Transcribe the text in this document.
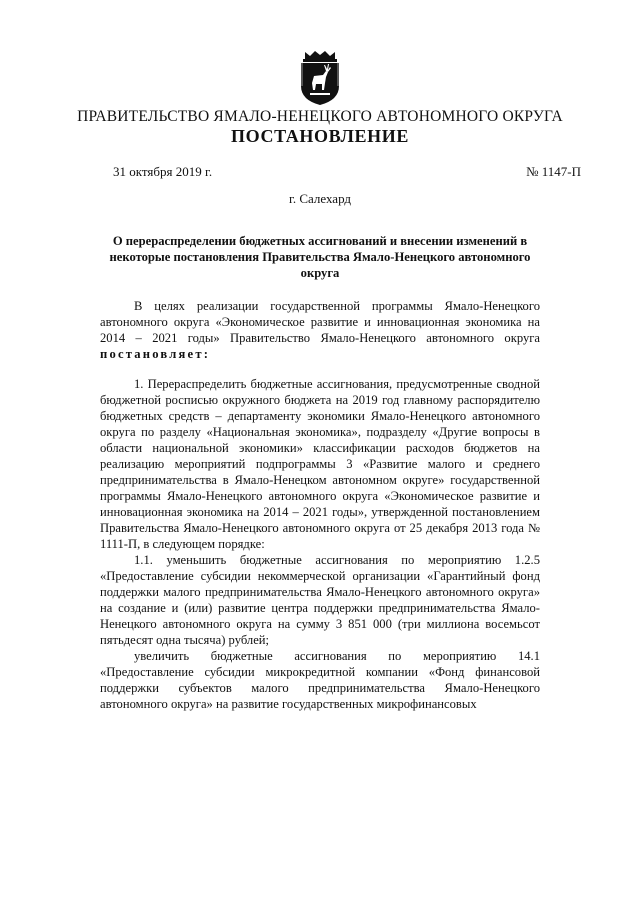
ПРАВИТЕЛЬСТВО ЯМАЛО-НЕНЕЦКОГО АВТОНОМНОГО ОКРУГА
ПОСТАНОВЛЕНИЕ
31 октября 2019 г.	№ 1147-П
г. Салехард
О перераспределении бюджетных ассигнований и внесении изменений в некоторые постановления Правительства Ямало-Ненецкого автономного округа

В целях реализации государственной программы Ямало-Ненецкого автономного округа «Экономическое развитие и инновационная экономика на 2014 – 2021 годы» Правительство Ямало-Ненецкого автономного округа постановляет:

1. Перераспределить бюджетные ассигнования, предусмотренные сводной бюджетной росписью окружного бюджета на 2019 год главному распорядителю бюджетных средств – департаменту экономики Ямало-Ненецкого автономного округа по разделу «Национальная экономика», подразделу «Другие вопросы в области национальной экономики» классификации расходов бюджетов на реализацию мероприятий подпрограммы 3 «Развитие малого и среднего предпринимательства в Ямало-Ненецком автономном округе» государственной программы Ямало-Ненецкого автономного округа «Экономическое развитие и инновационная экономика на 2014 – 2021 годы», утвержденной постановлением Правительства Ямало-Ненецкого автономного округа от 25 декабря 2013 года № 1111-П, в следующем порядке:

1.1. уменьшить бюджетные ассигнования по мероприятию 1.2.5 «Предоставление субсидии некоммерческой организации «Гарантийный фонд поддержки малого предпринимательства Ямало-Ненецкого автономного округа» на создание и (или) развитие центра поддержки предпринимательства Ямало-Ненецкого автономного округа на сумму 3 851 000 (три миллиона восемьсот пятьдесят одна тысяча) рублей;

увеличить бюджетные ассигнования по мероприятию 14.1 «Предоставление субсидии микрокредитной компании «Фонд финансовой поддержки субъектов малого предпринимательства Ямало-Ненецкого автономного округа» на развитие государственных микрофинансовых
